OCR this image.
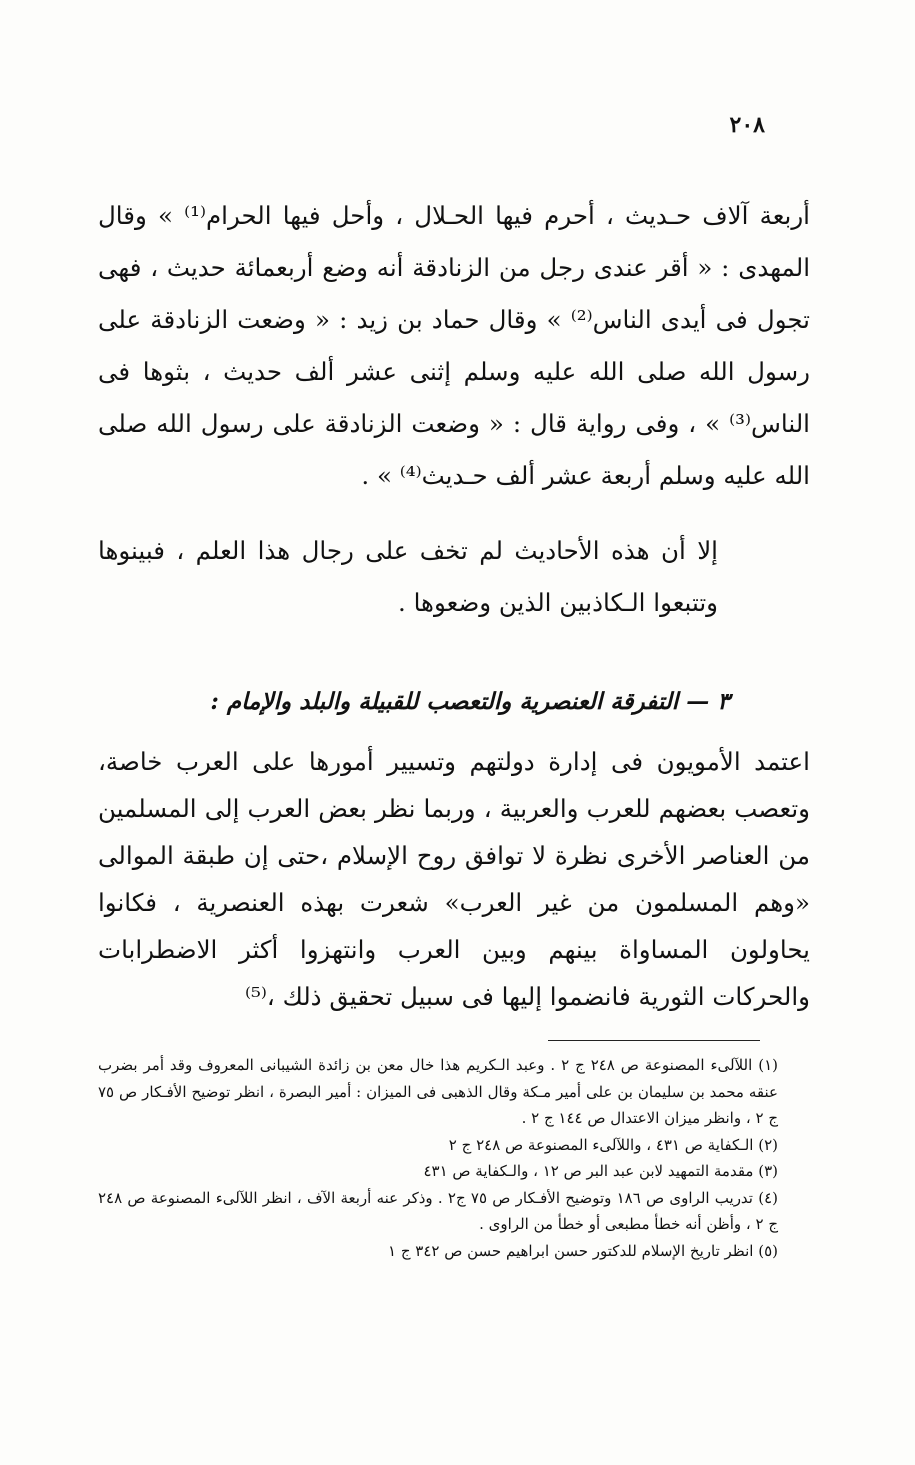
٢٠٨

أربعة آلاف حـديث ، أحرم فيها الحـلال ، وأحل فيها الحرام⁽¹⁾ » وقال المهدى : « أقر عندى رجل من الزنادقة أنه وضع أربعمائة حديث ، فهى تجول فى أيدى الناس⁽²⁾ » وقال حماد بن زيد : « وضعت الزنادقة على رسول الله صلى الله عليه وسلم إثنى عشر ألف حديث ، بثوها فى الناس⁽³⁾ » ، وفى رواية قال : « وضعت الزنادقة على رسول الله صلى الله عليه وسلم أربعة عشر ألف حـديث⁽⁴⁾ » .

إلا أن هذه الأحاديث لم تخف على رجال هذا العلم ، فبينوها وتتبعوا الـكاذبين الذين وضعوها .

٣ — التفرقة العنصرية والتعصب للقبيلة والبلد والإمام :

اعتمد الأمويون فى إدارة دولتهم وتسيير أمورها على العرب خاصة، وتعصب بعضهم للعرب والعربية ، وربما نظر بعض العرب إلى المسلمين من العناصر الأخرى نظرة لا توافق روح الإسلام ،حتى إن طبقة الموالى «وهم المسلمون من غير العرب» شعرت بهذه العنصرية ، فكانوا يحاولون المساواة بينهم وبين العرب وانتهزوا أكثر الاضطرابات والحركات الثورية فانضموا إليها فى سبيل تحقيق ذلك ،⁽⁵⁾

(١) اللآلىء المصنوعة ص ٢٤٨ ج ٢ . وعبد الـكريم هذا خال معن بن زائدة الشيبانى المعروف وقد أمر بضرب عنقه محمد بن سليمان بن على أمير مـكة وقال الذهبى فى الميزان : أمير البصرة ، انظر توضيح الأفـكار ص ٧٥ ج ٢ ، وانظر ميزان الاعتدال ص ١٤٤ ج ٢ .
(٢) الـكفاية ص ٤٣١ ، واللآلىء المصنوعة ص ٢٤٨ ج ٢
(٣) مقدمة التمهيد لابن عبد البر ص ١٢ ، والـكفاية ص ٤٣١
(٤) تدريب الراوى ص ١٨٦ وتوضيح الأفـكار ص ٧٥ ج٢ . وذكر عنه أربعة الآف ، انظر اللآلىء المصنوعة ص ٢٤٨ ج ٢ ، وأظن أنه خطأ مطبعى أو خطأ من الراوى .
(٥) انظر تاريخ الإسلام للدكتور حسن ابراهيم حسن ص ٣٤٢ ج ١
